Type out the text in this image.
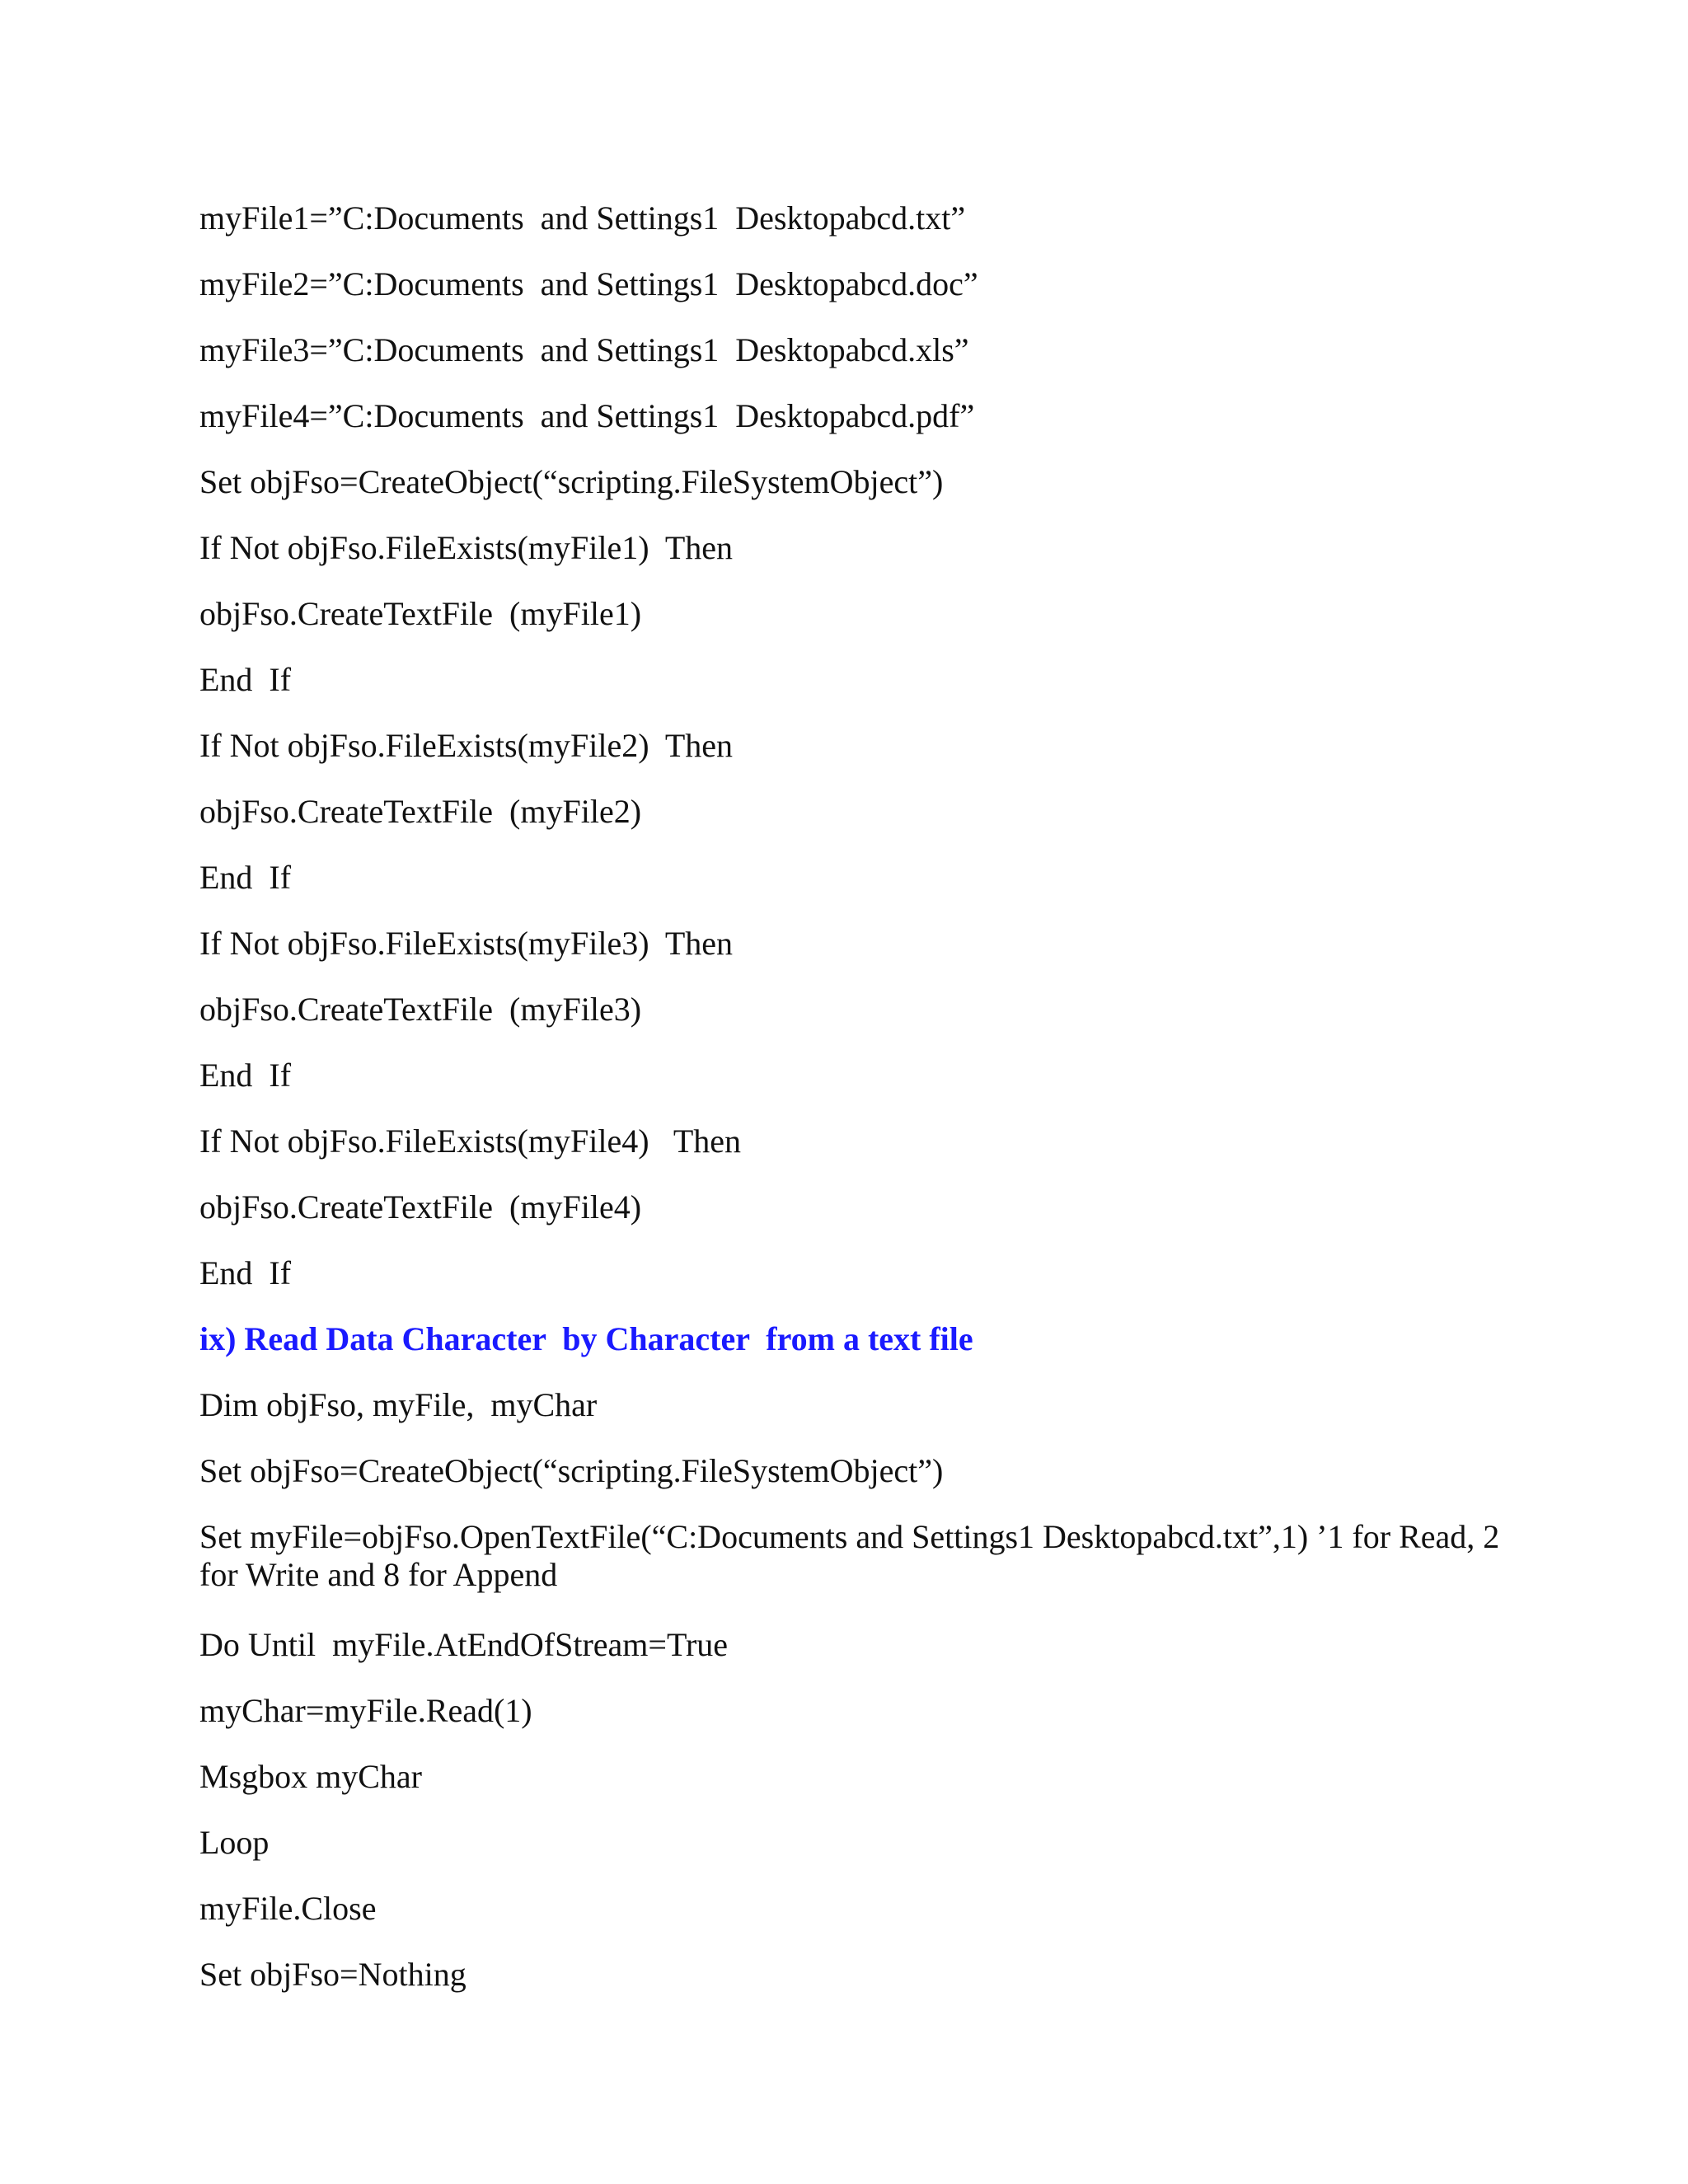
myFile1=”C:Documents  and Settings1  Desktopabcd.txt”
myFile2=”C:Documents  and Settings1  Desktopabcd.doc”
myFile3=”C:Documents  and Settings1  Desktopabcd.xls”
myFile4=”C:Documents  and Settings1  Desktopabcd.pdf”
Set objFso=CreateObject(“scripting.FileSystemObject”)
If Not objFso.FileExists(myFile1)  Then
objFso.CreateTextFile  (myFile1)
End  If
If Not objFso.FileExists(myFile2)  Then
objFso.CreateTextFile  (myFile2)
End  If
If Not objFso.FileExists(myFile3)  Then
objFso.CreateTextFile  (myFile3)
End  If
If Not objFso.FileExists(myFile4)   Then
objFso.CreateTextFile  (myFile4)
End  If
ix) Read Data Character  by Character  from a text file
Dim objFso, myFile,  myChar
Set objFso=CreateObject(“scripting.FileSystemObject”)
Set myFile=objFso.OpenTextFile(“C:Documents and Settings1 Desktopabcd.txt”,1) ’1 for Read, 2 for Write and 8 for Append
Do Until  myFile.AtEndOfStream=True
myChar=myFile.Read(1)
Msgbox myChar
Loop
myFile.Close
Set objFso=Nothing
